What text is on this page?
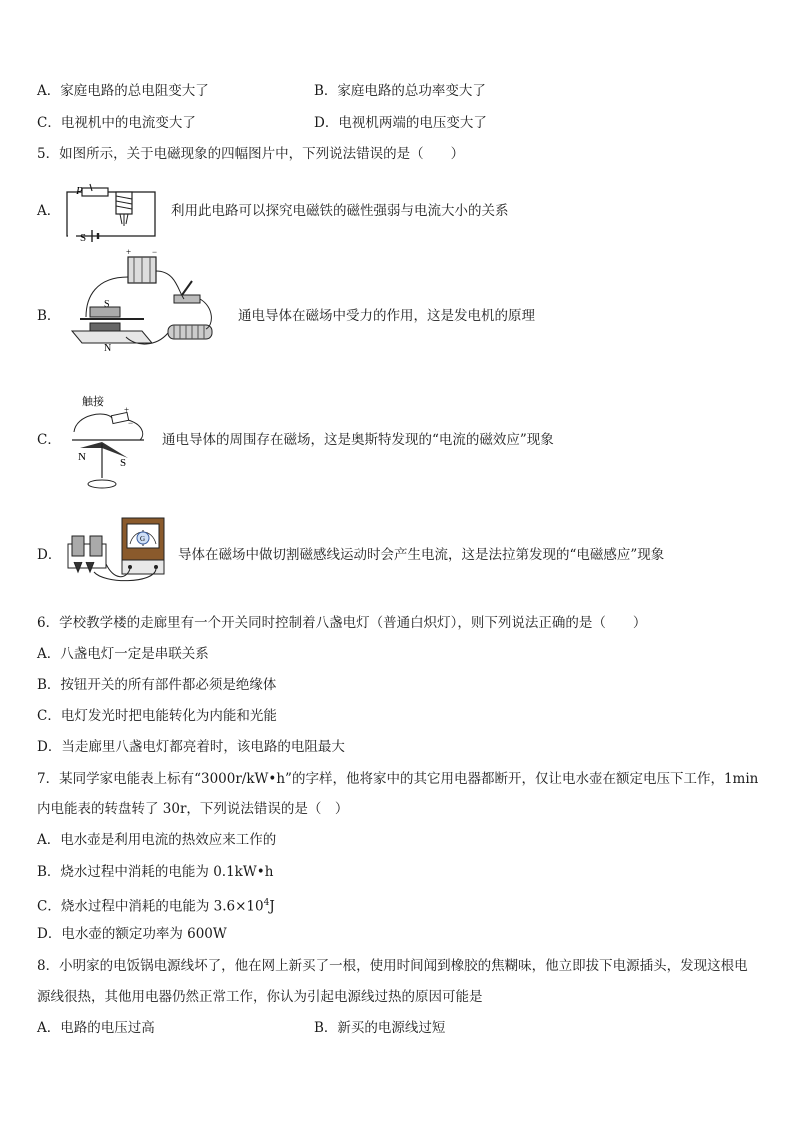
A．家庭电路的总电阻变大了	B．家庭电路的总功率变大了
C．电视机中的电流变大了	D．电视机两端的电压变大了
5．如图所示，关于电磁现象的四幅图片中，下列说法错误的是（　　）
A．
P
S
利用此电路可以探究电磁铁的磁性强弱与电流大小的关系
B．
+ −
S
N
通电导体在磁场中受力的作用，这是发电机的原理
C．
触接
+
−
N	S
通电导体的周围存在磁场，这是奥斯特发现的“电流的磁效应”现象
D．
G
导体在磁场中做切割磁感线运动时会产生电流，这是法拉第发现的“电磁感应”现象
6．学校教学楼的走廊里有一个开关同时控制着八盏电灯（普通白炽灯），则下列说法正确的是（　　）
A．八盏电灯一定是串联关系
B．按钮开关的所有部件都必须是绝缘体
C．电灯发光时把电能转化为内能和光能
D．当走廊里八盏电灯都亮着时，该电路的电阻最大
7．某同学家电能表上标有“3000r/kW•h”的字样，他将家中的其它用电器都断开，仅让电水壶在额定电压下工作，1min
内电能表的转盘转了 30r，下列说法错误的是（　）
A．电水壶是利用电流的热效应来工作的
B．烧水过程中消耗的电能为 0.1kW•h
C．烧水过程中消耗的电能为 $3.6\times 10^4J$
D．电水壶的额定功率为 600W
8．小明家的电饭锅电源线坏了，他在网上新买了一根，使用时间闻到橡胶的焦糊味，他立即拔下电源插头，发现这根电
源线很热，其他用电器仍然正常工作，你认为引起电源线过热的原因可能是
A．电路的电压过高	B．新买的电源线过短
